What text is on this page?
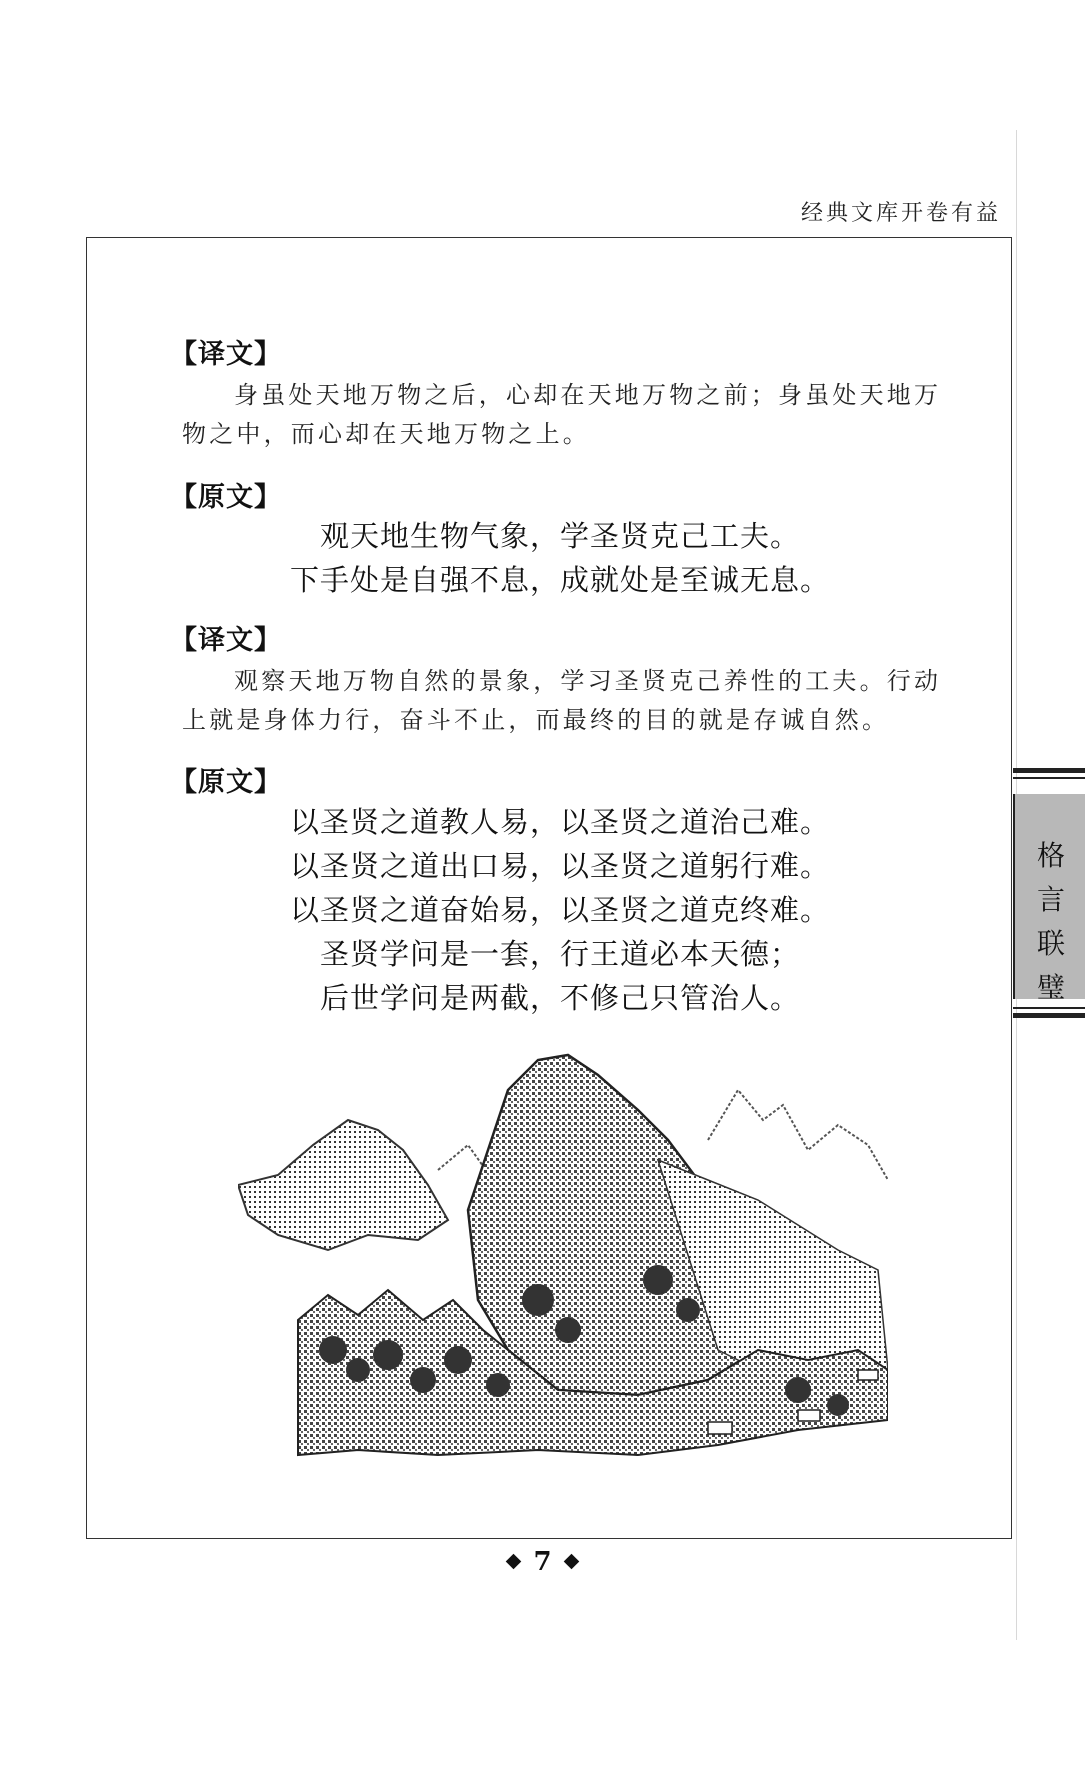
经典文库开卷有益
【译文】

身虽处天地万物之后，心却在天地万物之前；身虽处天地万物之中，而心却在天地万物之上。

【原文】
观天地生物气象，学圣贤克己工夫。
下手处是自强不息，成就处是至诚无息。
【译文】

观察天地万物自然的景象，学习圣贤克己养性的工夫。行动上就是身体力行，奋斗不止，而最终的目的就是存诚自然。

【原文】
以圣贤之道教人易，以圣贤之道治己难。
以圣贤之道出口易，以圣贤之道躬行难。
以圣贤之道奋始易，以圣贤之道克终难。
圣贤学问是一套，行王道必本天德；
后世学问是两截，不修己只管治人。
格
言
联
璧
7
